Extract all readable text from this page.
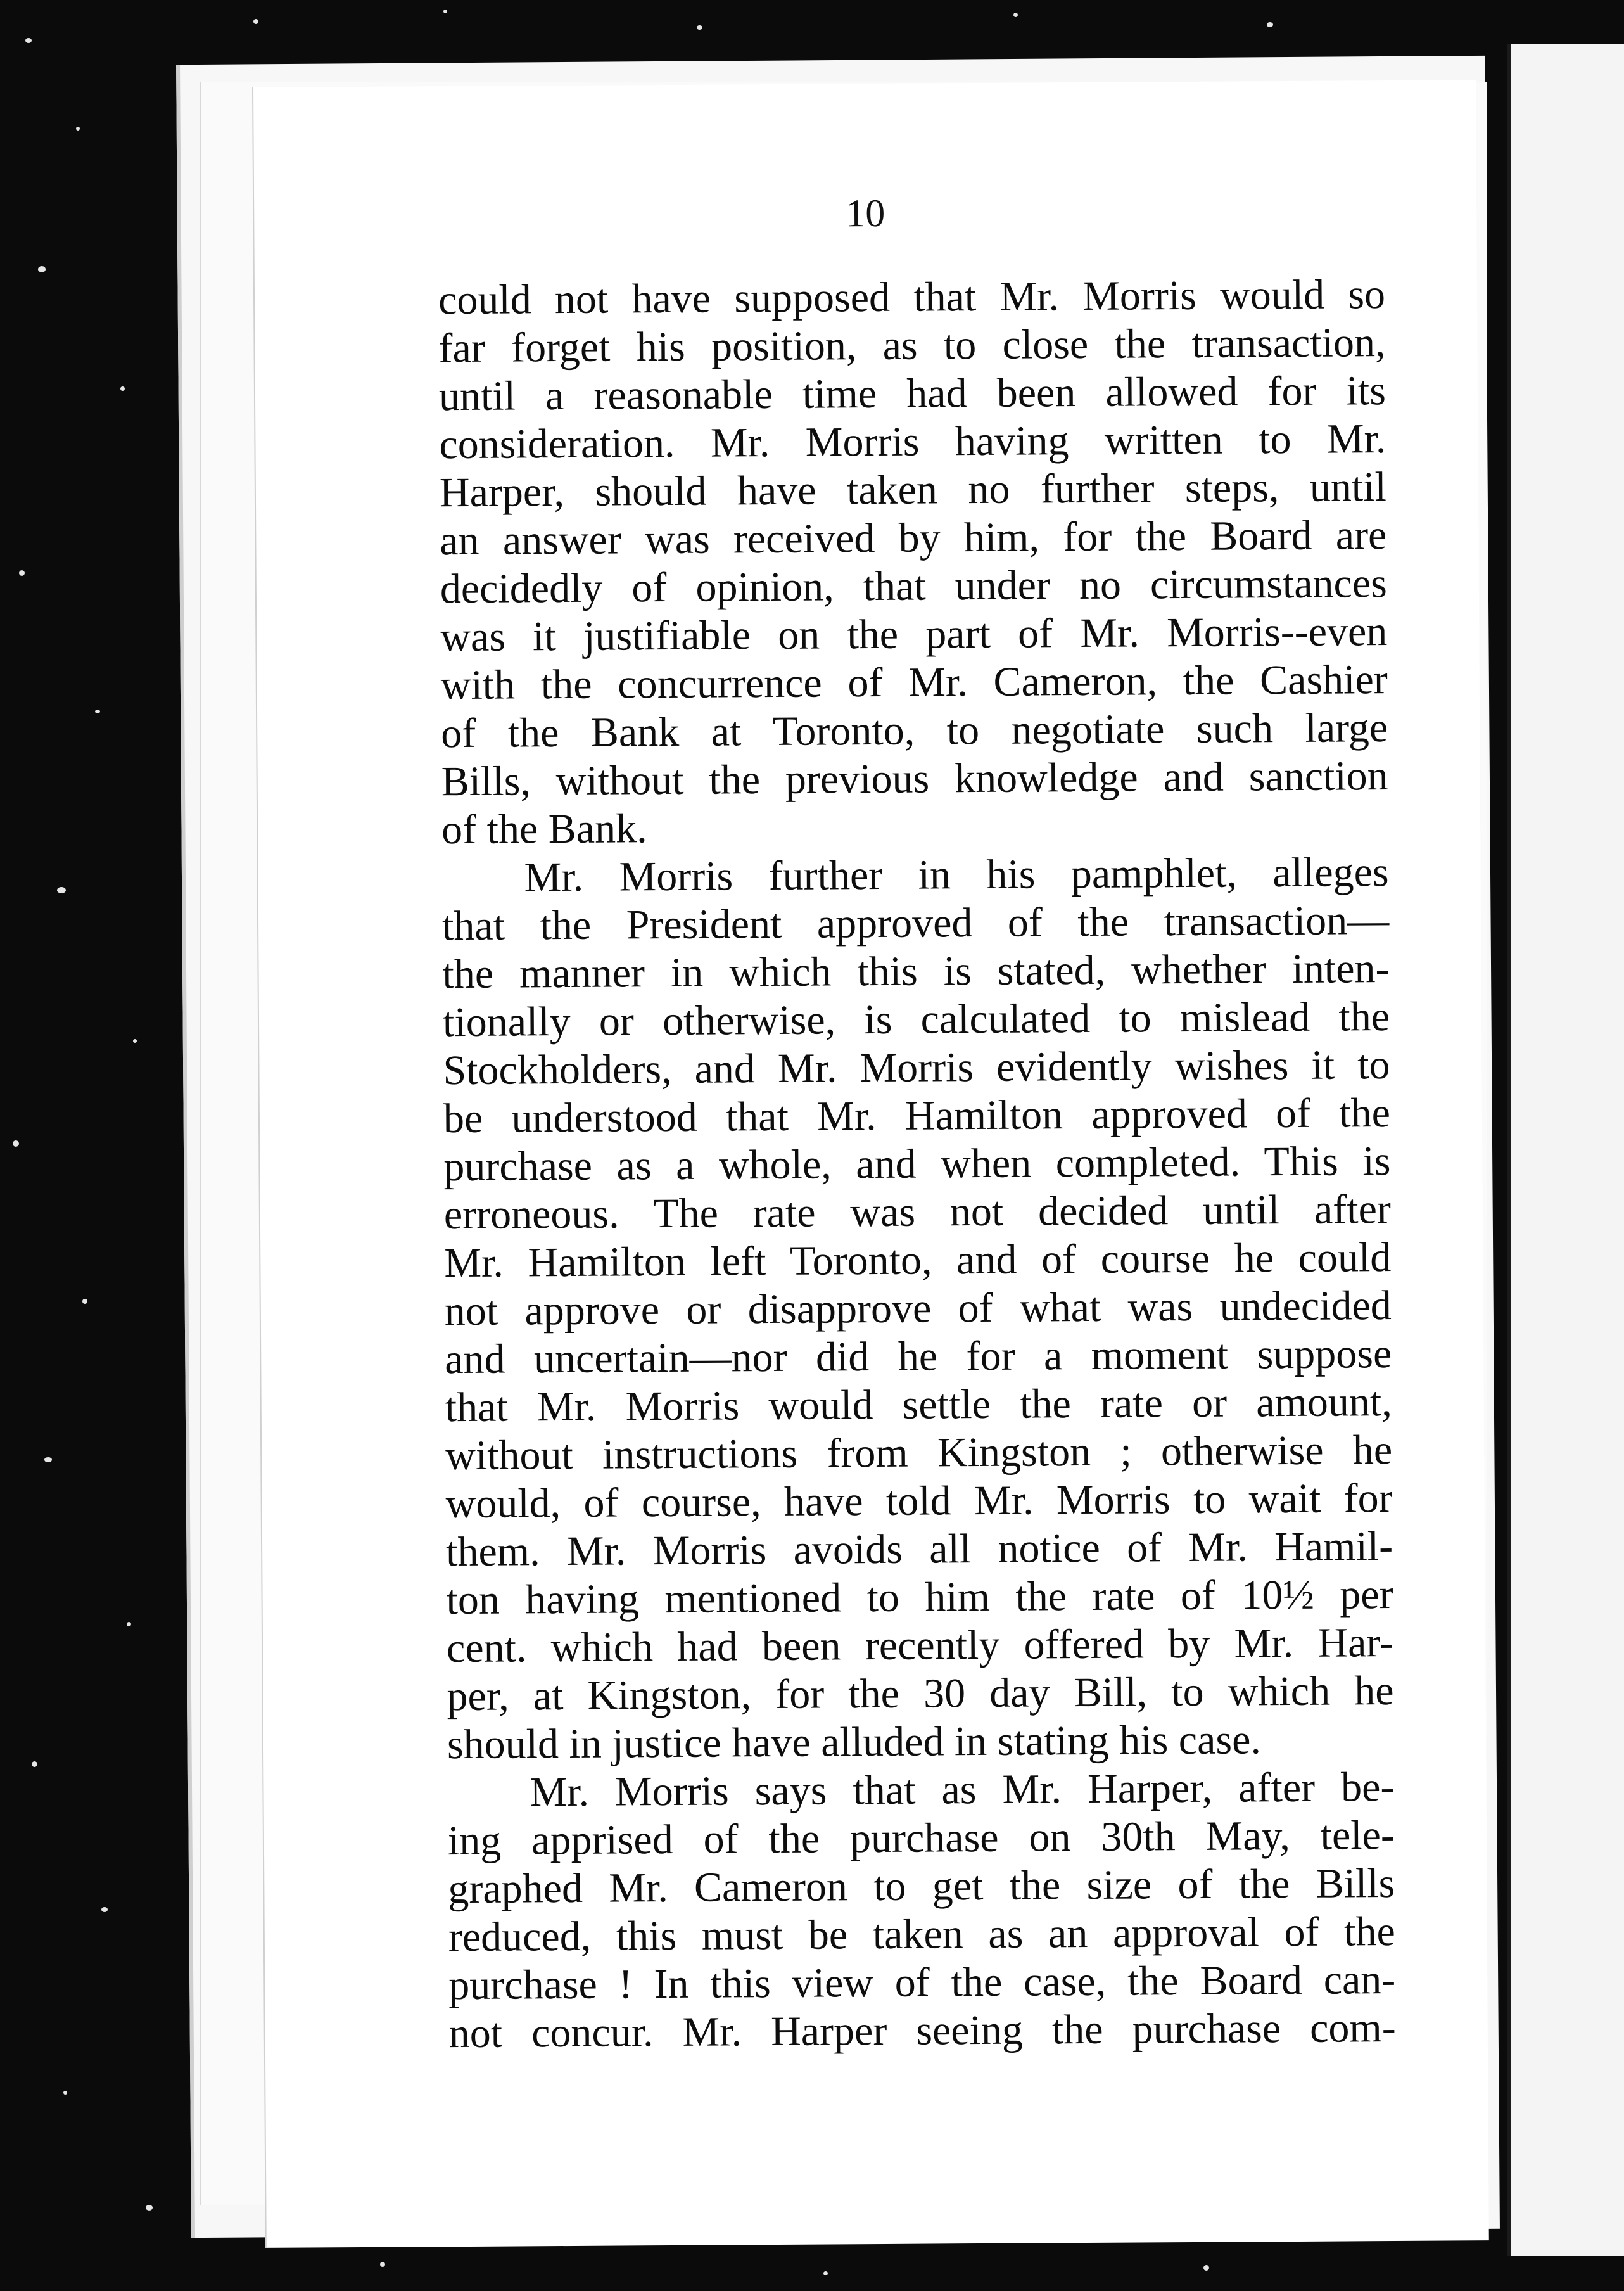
10
could not have supposed that Mr. Morris would so
far forget his position, as to close the transaction,
until a reasonable time had been allowed for its
consideration. Mr. Morris having written to Mr.
Harper, should have taken no further steps, until
an answer was received by him, for the Board are
decidedly of opinion, that under no circumstances
was it justifiable on the part of Mr. Morris--even
with the concurrence of Mr. Cameron, the Cashier
of the Bank at Toronto, to negotiate such large
Bills, without the previous knowledge and sanction
of the Bank.
Mr. Morris further in his pamphlet, alleges
that the President approved of the transaction—
the manner in which this is stated, whether inten-
tionally or otherwise, is calculated to mislead the
Stockholders, and Mr. Morris evidently wishes it to
be understood that Mr. Hamilton approved of the
purchase as a whole, and when completed. This is
erroneous. The rate was not decided until after
Mr. Hamilton left Toronto, and of course he could
not approve or disapprove of what was undecided
and uncertain—nor did he for a moment suppose
that Mr. Morris would settle the rate or amount,
without instructions from Kingston ; otherwise he
would, of course, have told Mr. Morris to wait for
them. Mr. Morris avoids all notice of Mr. Hamil-
ton having mentioned to him the rate of 10½ per
cent. which had been recently offered by Mr. Har-
per, at Kingston, for the 30 day Bill, to which he
should in justice have alluded in stating his case.
Mr. Morris says that as Mr. Harper, after be-
ing apprised of the purchase on 30th May, tele-
graphed Mr. Cameron to get the size of the Bills
reduced, this must be taken as an approval of the
purchase ! In this view of the case, the Board can-
not concur. Mr. Harper seeing the purchase com-
